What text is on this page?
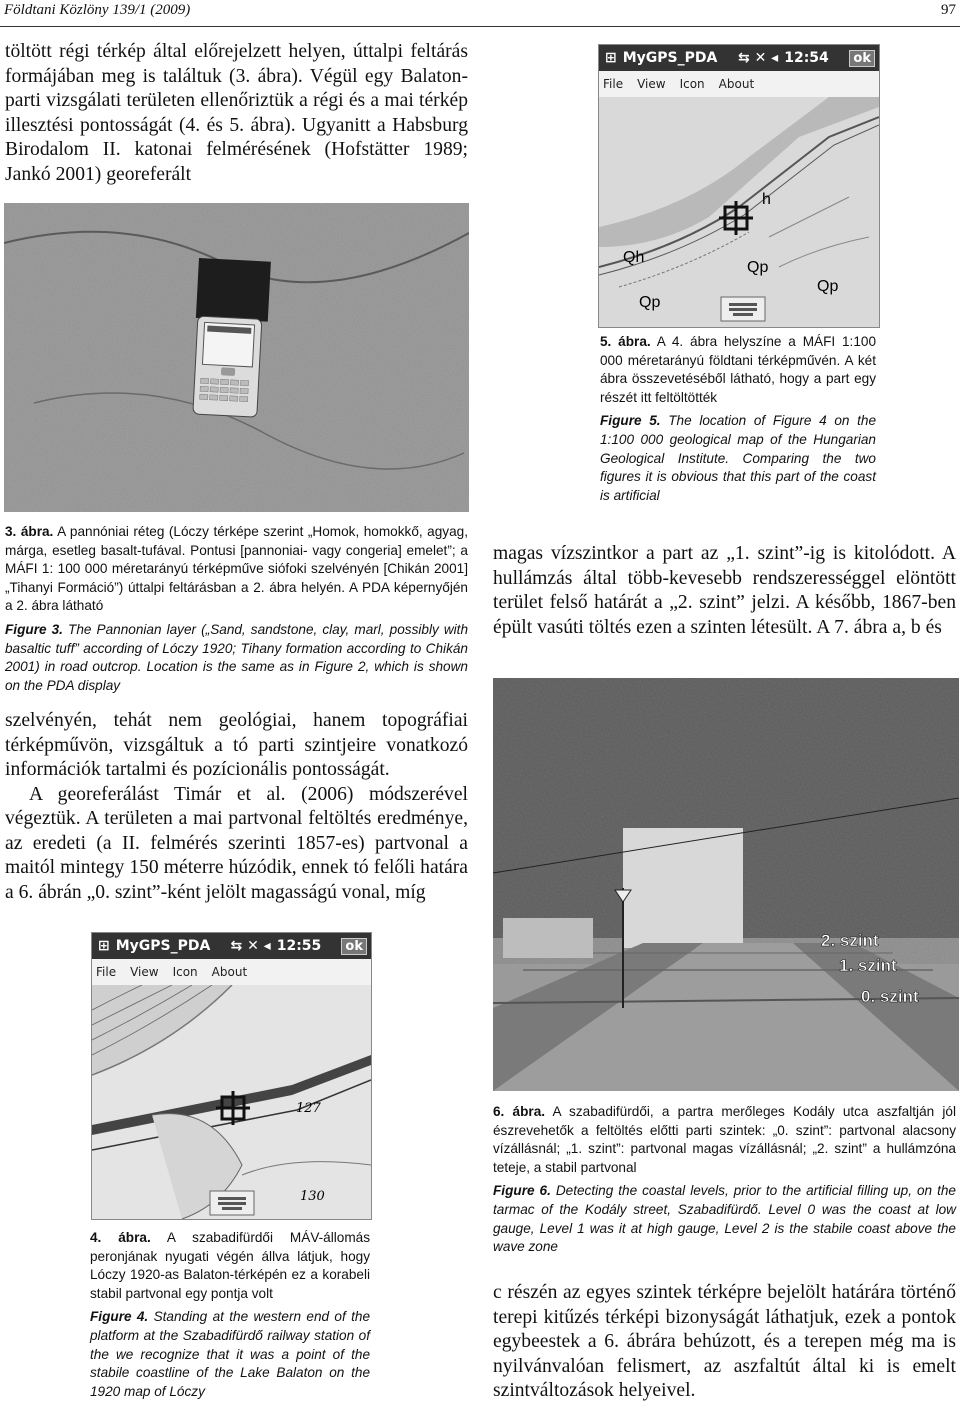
Földtani Közlöny 139/1 (2009)	97
töltött régi térkép által előrejelzett helyen, úttalpi feltárás formájában meg is találtuk (3. ábra). Végül egy Balaton-parti vizsgálati területen ellenőriztük a régi és a mai térkép illesztési pontosságát (4. és 5. ábra). Ugyanitt a Habsburg Birodalom II. katonai felmérésének (Hofstätter 1989; Jankó 2001) georeferált
⊞ MyGPS_PDA ⇆ ✕ ◂ 12:54	ok
File View Icon About
h
Qh
Qp
Qp
Qp
5. ábra. A 4. ábra helyszíne a MÁFI 1:100 000 méretarányú földtani térképművén. A két ábra összevetéséből látható, hogy a part egy részét itt feltöltötték
Figure 5. The location of Figure 4 on the 1:100 000 geological map of the Hungarian Geological Institute. Comparing the two figures it is obvious that this part of the coast is artificial
3. ábra. A pannóniai réteg (Lóczy térképe szerint „Homok, homokkő, agyag, márga, esetleg basalt-tufával. Pontusi [pannoniai- vagy congeria] emelet”; a MÁFI 1: 100 000 méretarányú térképműve siófoki szelvényén [Chikán 2001] „Tihanyi Formáció”) úttalpi feltárásban a 2. ábra helyén. A PDA képernyőjén a 2. ábra látható
Figure 3. The Pannonian layer („Sand, sandstone, clay, marl, possibly with basaltic tuff” according of Lóczy 1920; Tihany formation according to Chikán 2001) in road outcrop. Location is the same as in Figure 2, which is shown on the PDA display
magas vízszintkor a part az „1. szint”-ig is kitolódott. A hullámzás által több-kevesebb rendszerességgel elöntött terület felső határát a „2. szint” jelzi. A később, 1867-ben épült vasúti töltés ezen a szinten létesült. A 7. ábra a, b és
2. szint
1. szint
0. szint
szelvényén, tehát nem geológiai, hanem topográfiai térképművön, vizsgáltuk a tó parti szintjeire vonatkozó információk tartalmi és pozícionális pontosságát.
A georeferálást Timár et al. (2006) módszerével végeztük. A területen a mai partvonal feltöltés eredménye, az eredeti (a II. felmérés szerinti 1857-es) partvonal a maitól mintegy 150 méterre húzódik, ennek tó felőli határa a 6. ábrán „0. szint”-ként jelölt magasságú vonal, míg
⊞ MyGPS_PDA ⇆ ✕ ◂ 12:55	ok
File View Icon About
127
130
6. ábra. A szabadifürdői, a partra merőleges Kodály utca aszfaltján jól észrevehetők a feltöltés előtti parti szintek: „0. szint”: partvonal alacsony vízállásnál; „1. szint”: partvonal magas vízállásnál; „2. szint” a hullámzóna teteje, a stabil partvonal
Figure 6. Detecting the coastal levels, prior to the artificial filling up, on the tarmac of the Kodály street, Szabadifürdő. Level 0 was the coast at low gauge, Level 1 was it at high gauge, Level 2 is the stabile coast above the wave zone
4. ábra. A szabadifürdői MÁV-állomás peronjának nyugati végén állva látjuk, hogy Lóczy 1920-as Balaton-térképén ez a korabeli stabil partvonal egy pontja volt
Figure 4. Standing at the western end of the platform at the Szabadifürdő railway station of the we recognize that it was a point of the stabile coastline of the Lake Balaton on the 1920 map of Lóczy
c részén az egyes szintek térképre bejelölt határára történő terepi kitűzés térképi bizonyságát láthatjuk, ezek a pontok egybeestek a 6. ábrára behúzott, és a terepen még ma is nyilvánvalóan felismert, az aszfaltút által ki is emelt szintváltozások helyeivel.
